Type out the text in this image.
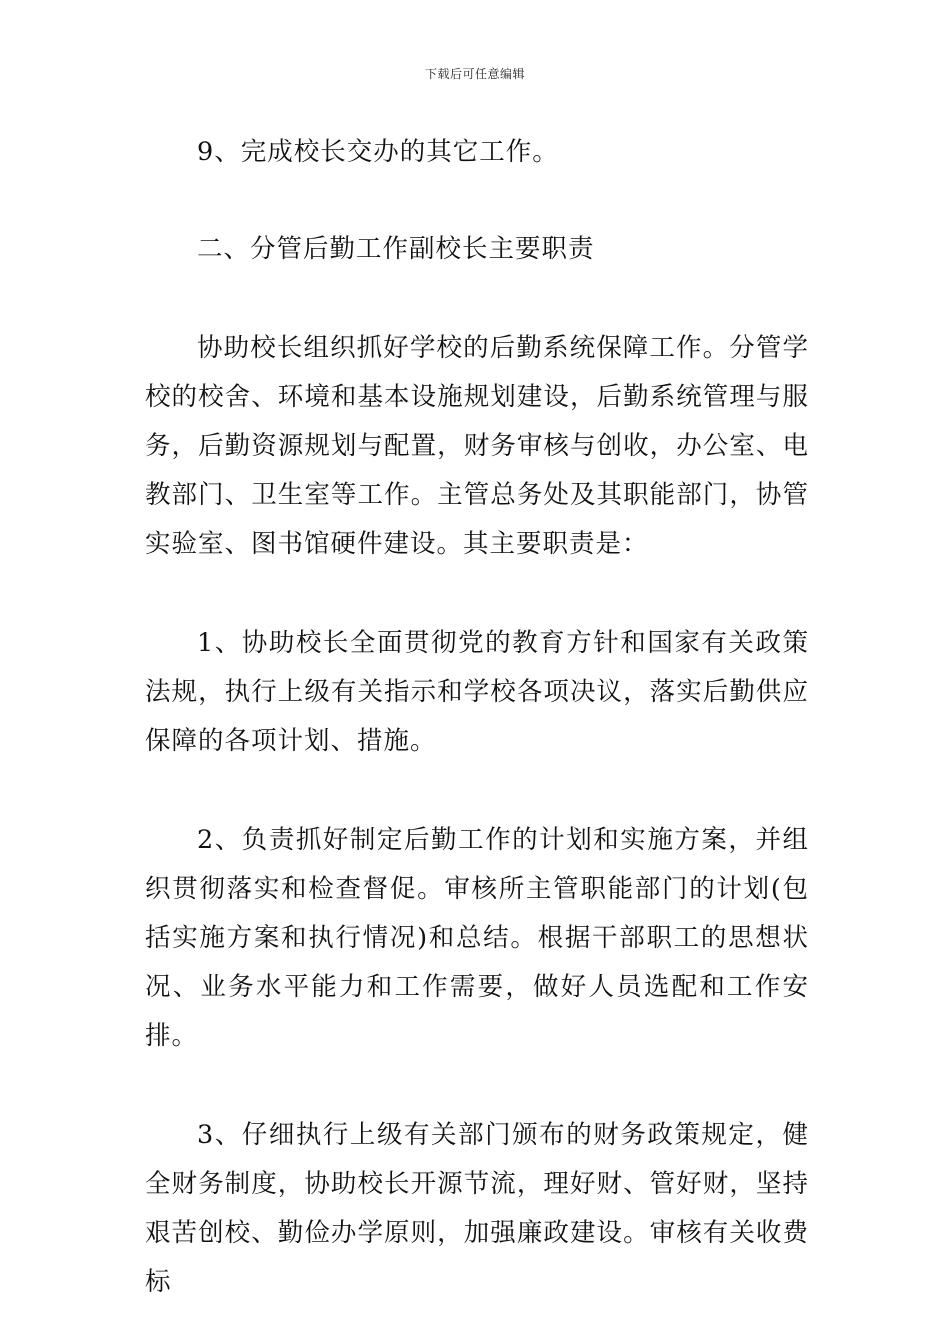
下载后可任意编辑

9、完成校长交办的其它工作。

二、分管后勤工作副校长主要职责

协助校长组织抓好学校的后勤系统保障工作。分管学校的校舍、环境和基本设施规划建设，后勤系统管理与服务，后勤资源规划与配置，财务审核与创收，办公室、电教部门、卫生室等工作。主管总务处及其职能部门，协管实验室、图书馆硬件建设。其主要职责是：

1、协助校长全面贯彻党的教育方针和国家有关政策法规，执行上级有关指示和学校各项决议，落实后勤供应保障的各项计划、措施。

2、负责抓好制定后勤工作的计划和实施方案，并组织贯彻落实和检查督促。审核所主管职能部门的计划(包括实施方案和执行情况)和总结。根据干部职工的思想状况、业务水平能力和工作需要，做好人员选配和工作安排。

3、仔细执行上级有关部门颁布的财务政策规定，健全财务制度，协助校长开源节流，理好财、管好财，坚持艰苦创校、勤俭办学原则，加强廉政建设。审核有关收费标
